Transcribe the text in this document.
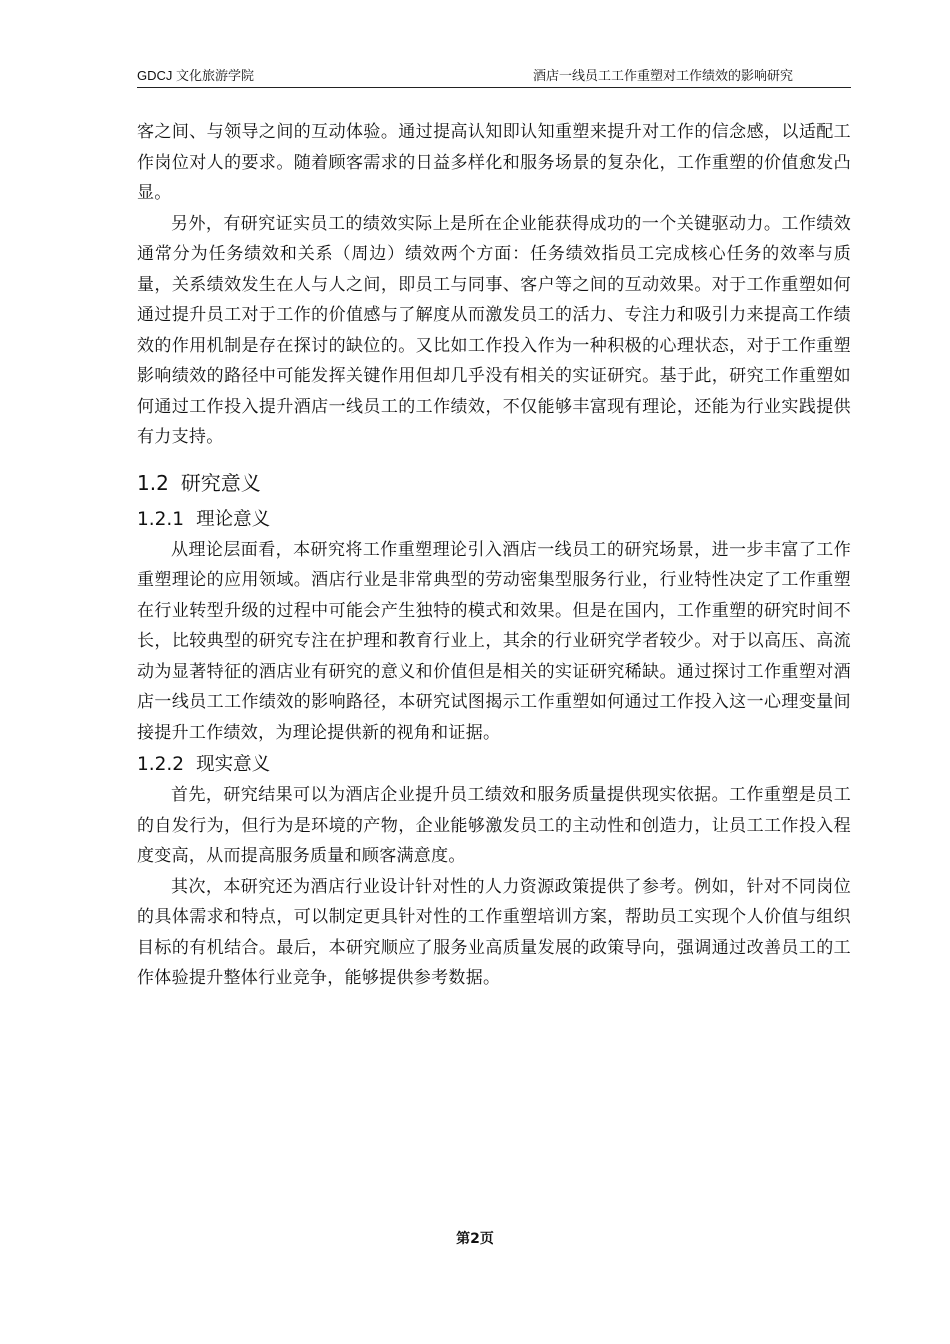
GDCJ 文化旅游学院	酒店一线员工工作重塑对工作绩效的影响研究

客之间、与领导之间的互动体验。通过提高认知即认知重塑来提升对工作的信念感，以适配工作岗位对人的要求。随着顾客需求的日益多样化和服务场景的复杂化，工作重塑的价值愈发凸显。

另外，有研究证实员工的绩效实际上是所在企业能获得成功的一个关键驱动力。工作绩效通常分为任务绩效和关系（周边）绩效两个方面：任务绩效指员工完成核心任务的效率与质量，关系绩效发生在人与人之间，即员工与同事、客户等之间的互动效果。对于工作重塑如何通过提升员工对于工作的价值感与了解度从而激发员工的活力、专注力和吸引力来提高工作绩效的作用机制是存在探讨的缺位的。又比如工作投入作为一种积极的心理状态，对于工作重塑影响绩效的路径中可能发挥关键作用但却几乎没有相关的实证研究。基于此，研究工作重塑如何通过工作投入提升酒店一线员工的工作绩效，不仅能够丰富现有理论，还能为行业实践提供有力支持。

1.2 研究意义
1.2.1 理论意义

从理论层面看，本研究将工作重塑理论引入酒店一线员工的研究场景，进一步丰富了工作重塑理论的应用领域。酒店行业是非常典型的劳动密集型服务行业，行业特性决定了工作重塑在行业转型升级的过程中可能会产生独特的模式和效果。但是在国内，工作重塑的研究时间不长，比较典型的研究专注在护理和教育行业上，其余的行业研究学者较少。对于以高压、高流动为显著特征的酒店业有研究的意义和价值但是相关的实证研究稀缺。通过探讨工作重塑对酒店一线员工工作绩效的影响路径，本研究试图揭示工作重塑如何通过工作投入这一心理变量间接提升工作绩效，为理论提供新的视角和证据。

1.2.2 现实意义

首先，研究结果可以为酒店企业提升员工绩效和服务质量提供现实依据。工作重塑是员工的自发行为，但行为是环境的产物，企业能够激发员工的主动性和创造力，让员工工作投入程度变高，从而提高服务质量和顾客满意度。

其次，本研究还为酒店行业设计针对性的人力资源政策提供了参考。例如，针对不同岗位的具体需求和特点，可以制定更具针对性的工作重塑培训方案，帮助员工实现个人价值与组织目标的有机结合。最后，本研究顺应了服务业高质量发展的政策导向，强调通过改善员工的工作体验提升整体行业竞争，能够提供参考数据。

第2页
